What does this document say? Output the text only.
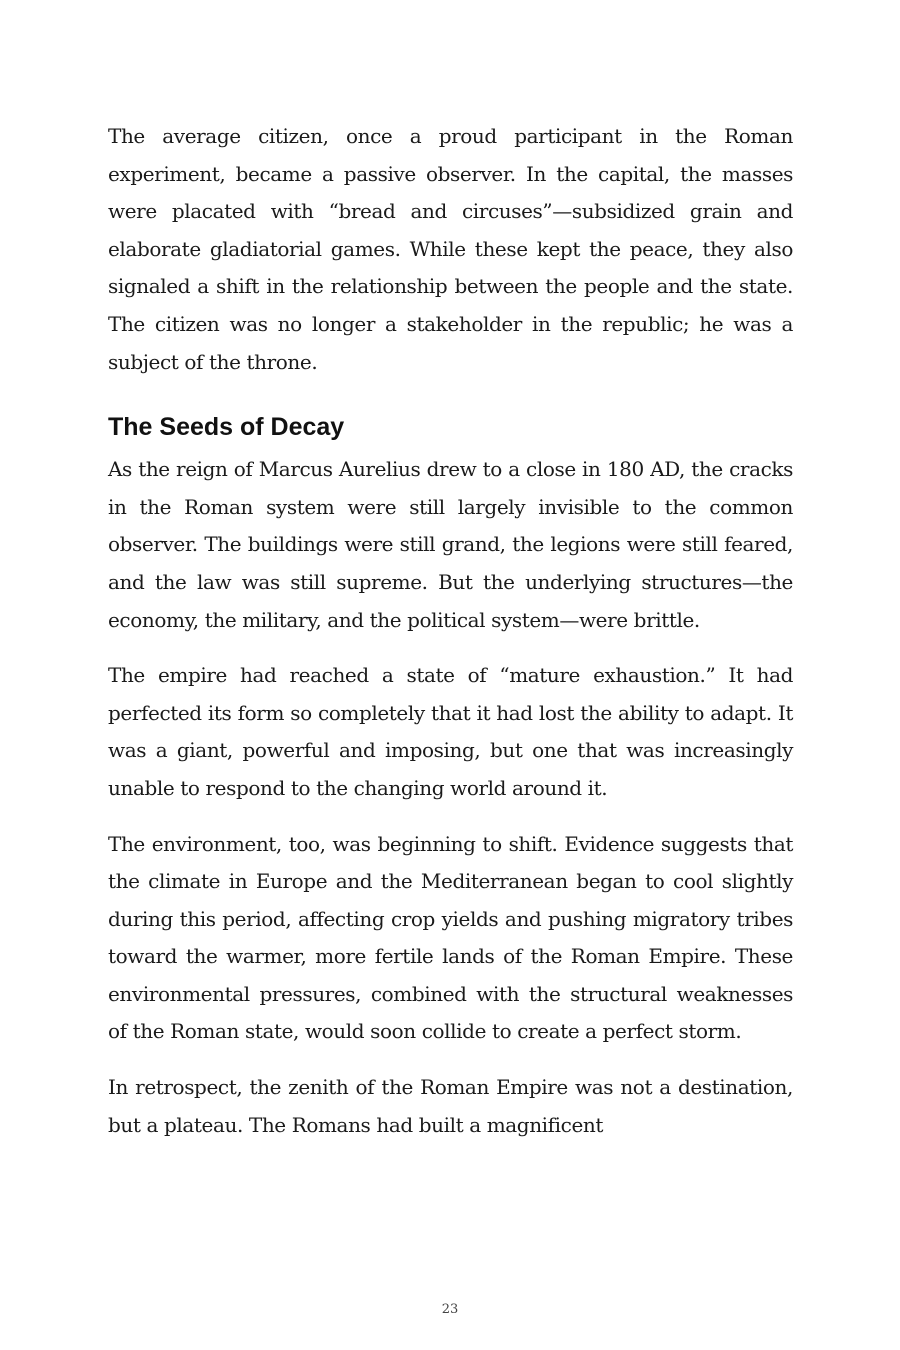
The average citizen, once a proud participant in the Roman experiment, became a passive observer. In the capital, the masses were placated with “bread and circuses”—subsidized grain and elaborate gladiatorial games. While these kept the peace, they also signaled a shift in the relationship between the people and the state. The citizen was no longer a stakeholder in the republic; he was a subject of the throne.

The Seeds of Decay

As the reign of Marcus Aurelius drew to a close in 180 AD, the cracks in the Roman system were still largely invisible to the common observer. The buildings were still grand, the legions were still feared, and the law was still supreme. But the underlying structures—the economy, the military, and the political system—were brittle.

The empire had reached a state of “mature exhaustion.” It had perfected its form so completely that it had lost the ability to adapt. It was a giant, powerful and imposing, but one that was increasingly unable to respond to the changing world around it.

The environment, too, was beginning to shift. Evidence suggests that the climate in Europe and the Mediterranean began to cool slightly during this period, affecting crop yields and pushing migratory tribes toward the warmer, more fertile lands of the Roman Empire. These environmental pressures, combined with the structural weaknesses of the Roman state, would soon collide to create a perfect storm.

In retrospect, the zenith of the Roman Empire was not a destination, but a plateau. The Romans had built a magnificent

23
